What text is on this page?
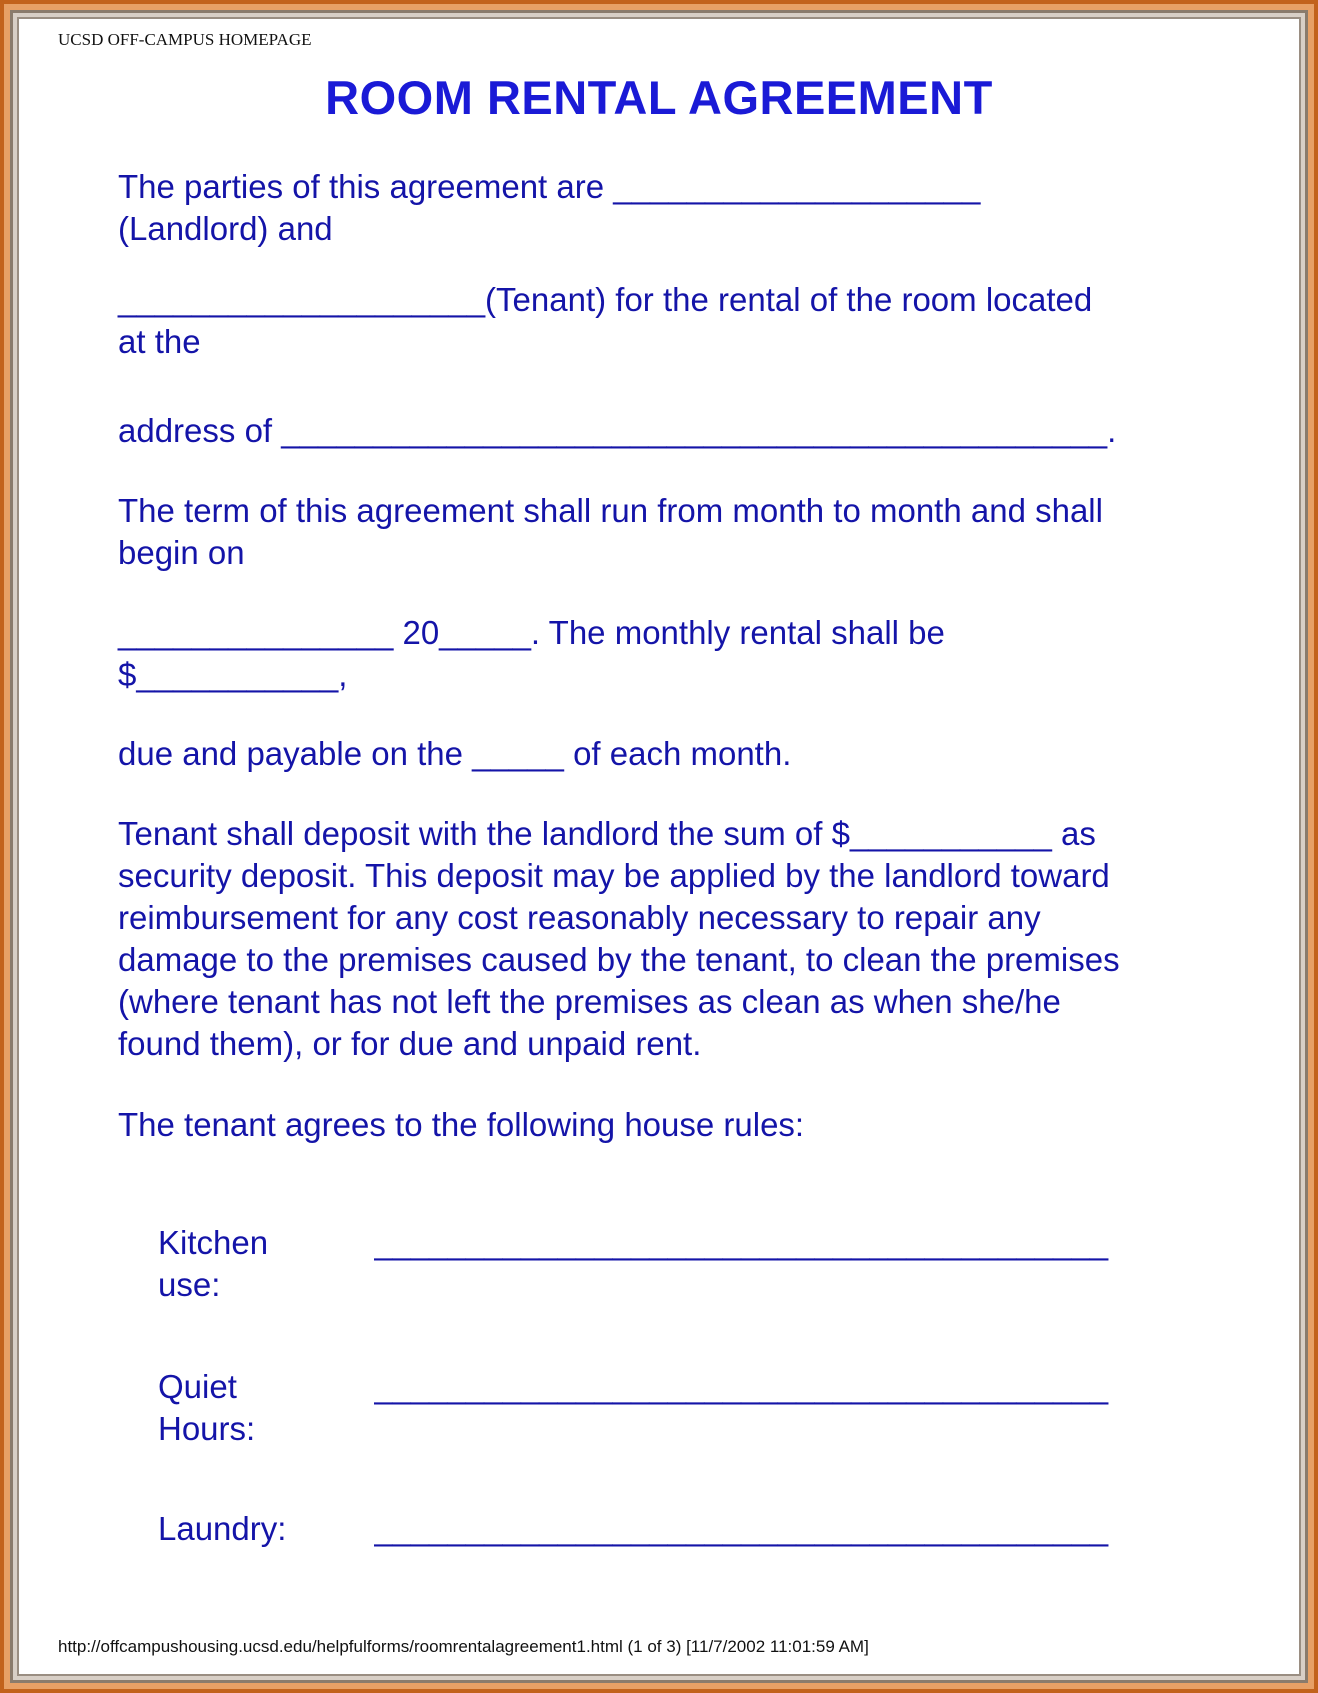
UCSD OFF-CAMPUS HOMEPAGE
ROOM RENTAL AGREEMENT
The parties of this agreement are ____________________
(Landlord) and
____________________(Tenant) for the rental of the room located
at the
address of _____________________________________________.
The term of this agreement shall run from month to month and shall
begin on
_______________ 20_____. The monthly rental shall be
$___________,
due and payable on the _____ of each month.
Tenant shall deposit with the landlord the sum of $___________ as
security deposit. This deposit may be applied by the landlord toward
reimbursement for any cost reasonably necessary to repair any
damage to the premises caused by the tenant, to clean the premises
(where tenant has not left the premises as clean as when she/he
found them), or for due and unpaid rent.
The tenant agrees to the following house rules:
Kitchen
use:
________________________________________
Quiet
Hours:
________________________________________
Laundry:	________________________________________
http://offcampushousing.ucsd.edu/helpfulforms/roomrentalagreement1.html (1 of 3) [11/7/2002 11:01:59 AM]
